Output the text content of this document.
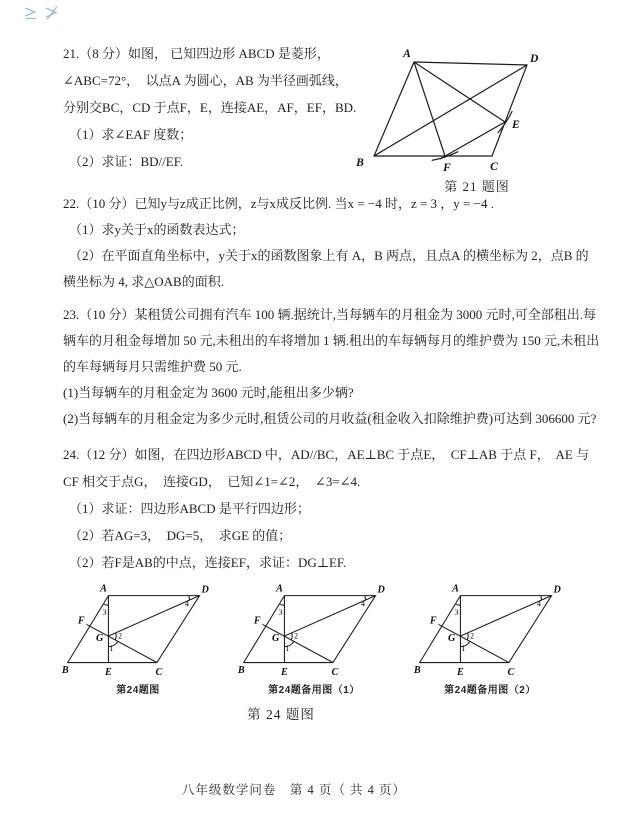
21.（8 分）如图， 已知四边形 ABCD 是菱形，
∠ABC=72°，  以点A 为圆心，AB 为半径画弧线，
分别交BC，CD 于点F，E，连接AE，AF，EF，BD.
（1）求∠EAF 度数；
（2）求证：BD//EF.
A	D
B	C
E
F
第 21 题图
22.（10 分）已知y与z成正比例，z与x成反比例. 当x = −4 时，z = 3 ，y = −4 .
（1）求y关于x的函数表达式；
（2）在平面直角坐标中，y关于x的函数图象上有 A，B 两点，且点A 的横坐标为 2，点B 的
横坐标为 4, 求△OAB的面积.
23.（10 分）某租赁公司拥有汽车 100 辆.据统计,当每辆车的月租金为 3000 元时,可全部租出.每
辆车的月租金每增加 50 元,未租出的车将增加 1 辆.租出的车每辆每月的维护费为 150 元,未租出
的车每辆每月只需维护费 50 元.
(1)当每辆车的月租金定为 3600 元时,能租出多少辆?
(2)当每辆车的月租金定为多少元时,租赁公司的月收益(租金收入扣除维护费)可达到 306600 元?
24.（12 分）如图，在四边形ABCD 中，AD//BC，AE⊥BC 于点E，  CF⊥AB 于点 F，  AE 与
CF 相交于点G，  连接GD，  已知∠1=∠2，  ∠3=∠4.
（1）求证：四边形ABCD 是平行四边形；
（2）若AG=3，  DG=5，  求GE 的值；
（2）若F是AB的中点，连接EF，求证：DG⊥EF.
A	D
B	E	C
F
G
3
4
2
1
第24题图
A	D
B	E	C
F
G
3
4
2
1
第24题备用图（1）
A	D
B	E	C
F
G
3
4
2
1
第24题备用图（2）
第 24 题图
八年级数学问卷　第 4 页（ 共 4 页）
